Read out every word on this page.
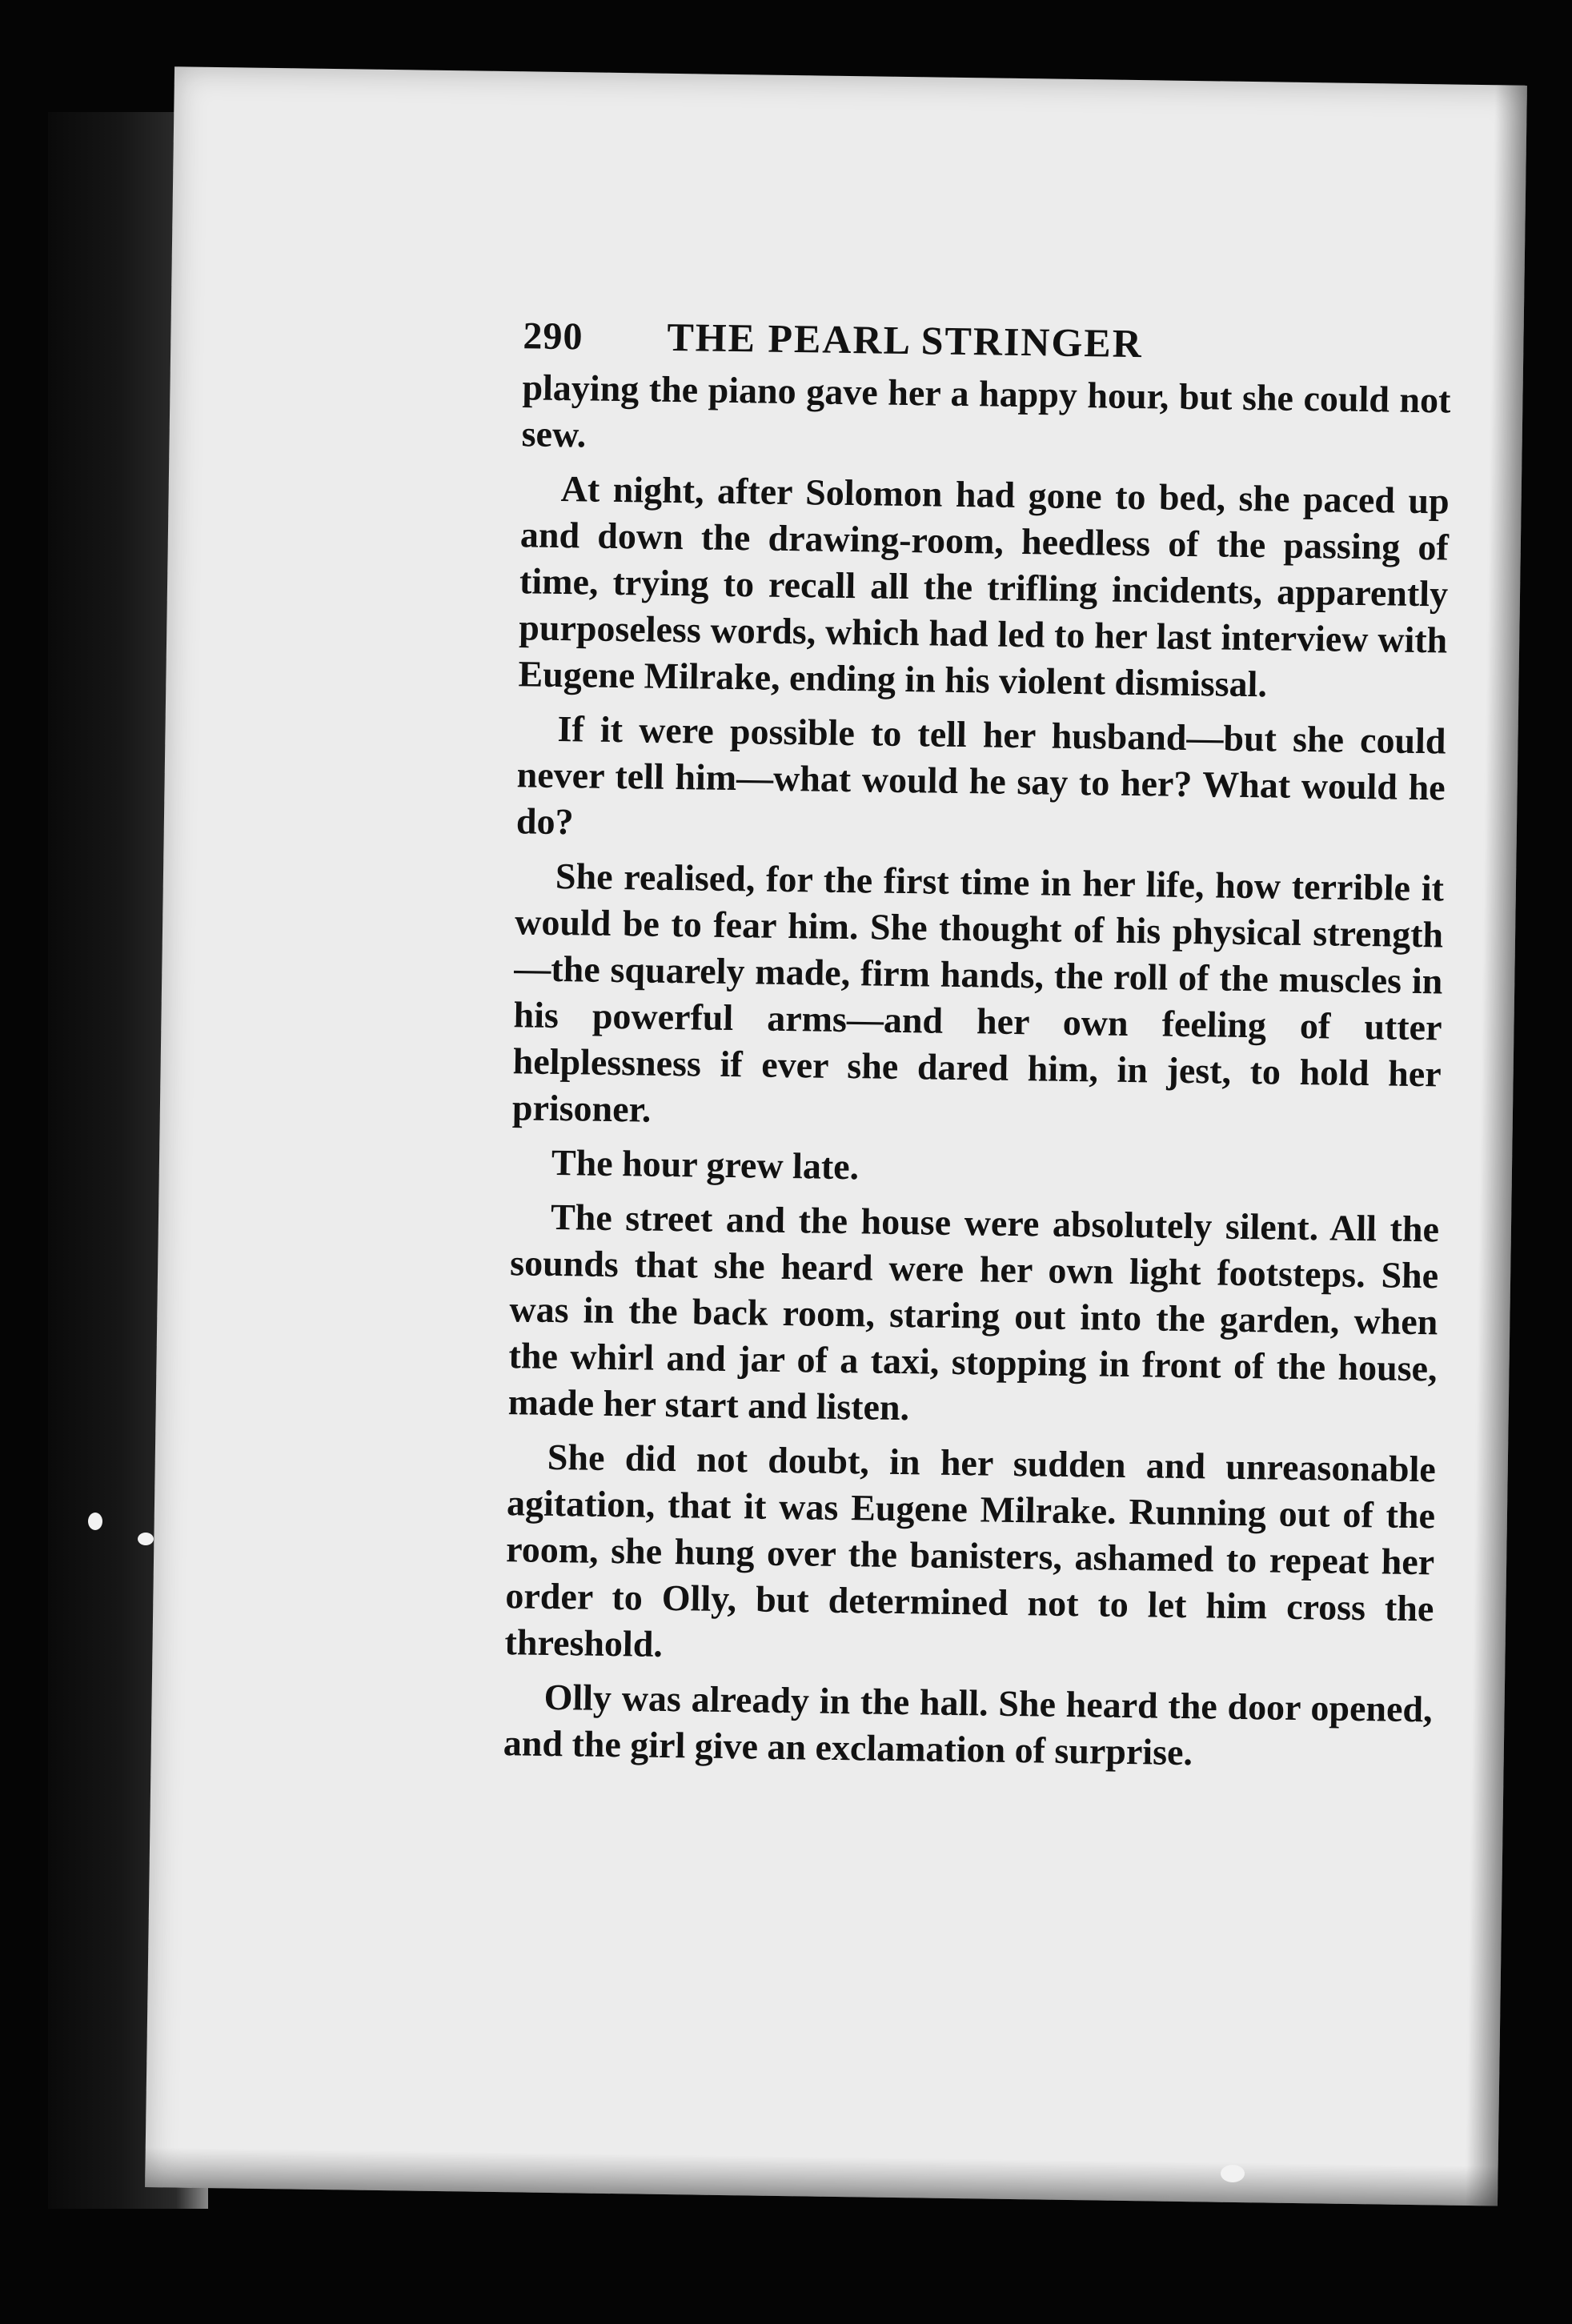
290	THE PEARL STRINGER

playing the piano gave her a happy hour, but she could not sew.

At night, after Solomon had gone to bed, she paced up and down the drawing-room, heedless of the passing of time, trying to recall all the trifling incidents, apparently purposeless words, which had led to her last interview with Eugene Milrake, ending in his violent dismissal.

If it were possible to tell her husband—but she could never tell him—what would he say to her? What would he do?

She realised, for the first time in her life, how terrible it would be to fear him. She thought of his physical strength—the squarely made, firm hands, the roll of the muscles in his powerful arms—and her own feeling of utter helplessness if ever she dared him, in jest, to hold her prisoner.

The hour grew late.

The street and the house were absolutely silent. All the sounds that she heard were her own light footsteps. She was in the back room, staring out into the garden, when the whirl and jar of a taxi, stopping in front of the house, made her start and listen.

She did not doubt, in her sudden and unreasonable agitation, that it was Eugene Milrake. Running out of the room, she hung over the banisters, ashamed to repeat her order to Olly, but determined not to let him cross the threshold.

Olly was already in the hall. She heard the door opened, and the girl give an exclamation of surprise.
